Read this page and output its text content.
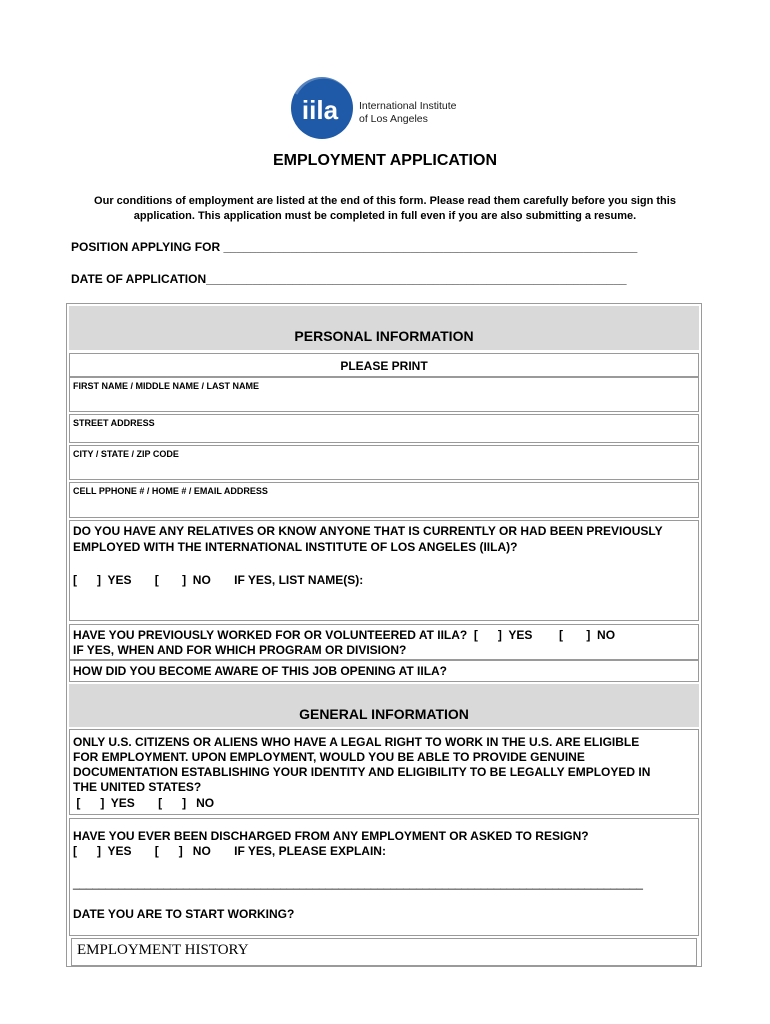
iila International Institute
of Los Angeles
EMPLOYMENT APPLICATION
Our conditions of employment are listed at the end of this form. Please read them carefully before you sign this
application. This application must be completed in full even if you are also submitting a resume.
POSITION APPLYING FOR ______________________________________________________________
DATE OF APPLICATION_______________________________________________________________
PERSONAL INFORMATION
PLEASE PRINT
FIRST NAME / MIDDLE NAME / LAST NAME
STREET ADDRESS
CITY / STATE / ZIP CODE
CELL PPHONE # / HOME # / EMAIL ADDRESS
DO YOU HAVE ANY RELATIVES OR KNOW ANYONE THAT IS CURRENTLY OR HAD BEEN PREVIOUSLY
EMPLOYED WITH THE INTERNATIONAL INSTITUTE OF LOS ANGELES (IILA)?
[      ]  YES       [       ]  NO       IF YES, LIST NAME(S):
HAVE YOU PREVIOUSLY WORKED FOR OR VOLUNTEERED AT IILA?  [      ]  YES        [       ]  NO
IF YES, WHEN AND FOR WHICH PROGRAM OR DIVISION?
HOW DID YOU BECOME AWARE OF THIS JOB OPENING AT IILA?
GENERAL INFORMATION
ONLY U.S. CITIZENS OR ALIENS WHO HAVE A LEGAL RIGHT TO WORK IN THE U.S. ARE ELIGIBLE
FOR EMPLOYMENT. UPON EMPLOYMENT, WOULD YOU BE ABLE TO PROVIDE GENUINE
DOCUMENTATION ESTABLISHING YOUR IDENTITY AND ELIGIBILITY TO BE LEGALLY EMPLOYED IN
THE UNITED STATES?
[      ]  YES       [      ]   NO
HAVE YOU EVER BEEN DISCHARGED FROM ANY EMPLOYMENT OR ASKED TO RESIGN?
[      ]  YES       [      ]   NO       IF YES, PLEASE EXPLAIN:
________________________________________________________________________________________
DATE YOU ARE TO START WORKING?
EMPLOYMENT HISTORY
